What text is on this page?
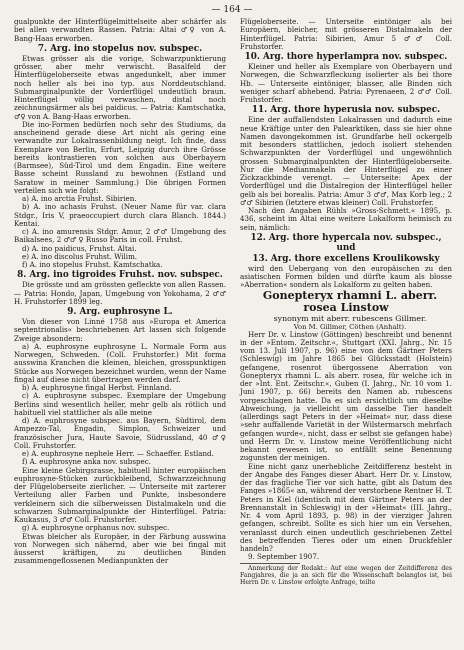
— 164 —

gualpunkte der Hinterflügelmittelseite aber schärfer als bei allen verwandten Rassen. Patria: Altai ♂♀ von A. Bang-Haas erworben.

7. Arg. ino stopelus nov. subspec.

Etwas grösser als die vorige, Schwarzpunktierung grösser, aber mehr verwischt. Basalfeld der Hinterflügeloberseite etwas angedunkelt, aber immer noch heller als bei ino typ. aus Norddeutschland. Submarginalpunkte der Vorderflügel undeutlich braun. Hinterflügel völlig verwaschen, distal noch zeichnungsärmer als bei paidicus. — Patria: Kamtschatka, ♂♀ von A. Bang-Haas erworben.

Die ino-Formen bedürfen noch sehr des Studiums, da anscheinend gerade diese Art nicht als gering eine verwandte zur Lokalrassenbildung neigt. Ich finde, dass Exemplare von Berlin, Erfurt, Leipzig durch ihre Grösse bereits kontrastieren von solchen aus Oberbayern (Barmsee), Süd-Tirol und dem Engadin. Eine weitere Basse scheint Russland zu bewohnen (Estland und Saratow in meiner Sammlung.) Die übrigen Formen verteilen sich wie folgt:

a) A. ino arctia Fruhst. Sibirien.

b) A. ino achasis Fruhst. (Neuer Name für var. clara Stdgr., Iris V, praeoccupiert durch clara Blanch. 1844.) Kentai.

c) A. ino amurensis Stdgr. Amur, 2 ♂♂ Umgebung des Baikalsees, 2 ♂♂ ♀ Russo Paris in coll. Fruhst.

d) A. ino paidicus, Fruhst. Altai.

e) A. ino discolus Fruhst. Wilim.

f) A. ino stopelus Fruhst. Kamtschatka.

8. Arg. ino tigroides Fruhst. nov. subspec.

Die grösste und am grössten gefleckte von allen Rassen. — Patria: Hondo, Japan, Umgebung von Yokohama, 2 ♂♂ H. Fruhstorfer 1899 leg.

9. Arg. euphrosyne L.

Von dieser von Linné 1758 aus »Europa et America septentrionalis« beschriebenen Art lassen sich folgende Zweige absondern:

a) A. euphrosyne euphrosyne L. Normale Form aus Norwegen, Schweden. (Coll. Fruhstorfer.) Mit forma ausswina Kranchen die kleinen, bleichen, grosspunktigen Stücke aus Norwegen bezeichnet wurden, wenn der Name fingal auf diese nicht übertragen werden darf.

b) A. euphrosyne fingal Herbst. Finnland.

c) A. euphrosyne subspec. Exemplare der Umgebung Berlins sind wesentlich heller, mehr gelb als rötlich und habituell viel stattlicher als alle meine

d) A. euphrosyne subspec. aus Bayern, Südtirol, dem Ampezzo-Tal, Engadin, Simplon, Schweizer und französischer Jura, Haute Savoie, Südrussland, 40 ♂♀ Coll. Fruhstorfer.

e) A. euphrosyne nephele Herr. — Schaeffer. Estland.

f) A. euphrosyne anka nov. subspec.

Eine kleine Gebirgsrasse, habituell hinter europäischen euphrosyne-Stücken zurückbleibend, Schwarzzeichnung der Flügeloberseite zierlicher. — Unterseite mit zarterer Verteilung aller Farben und Punkte, insbesondere verkleinern sich die silberweissen Distalmakeln und die schwarzen Submarginalpunkte der Hinterflügel. Patria: Kaukasus, 3 ♂♂ Coll. Fruhstorfer.

g) A. euphrosyne orphanus nov. subspec.

Etwas bleicher als Europäer, in der Färbung ausswina von Norwegen sich nähernd, aber wie bei fingal mit äusserst kräftigen, zu deutlichen Binden zusammengeflossenen Medianpunkten der

Flügeloberseite. — Unterseite eintöniger als bei Europäern, bleicher, mit grösseren Distalmakeln der Hinterflügel. Patria: Sibirien, Amur 5 ♂♂ Coll. Fruhstorfer.

10. Arg. thore hyperlampra nov. subspec.

Kleiner und heller als Exemplare von Oberbayern und Norwegen, die Schwarzfleckung isolierter als bei thore Hb. — Unterseite eintöniger, blasser, alle Binden sich weniger scharf abhebend. Patria: Pyrenaeen, 2 ♂♂ Coll. Fruhstorfer.

11. Arg. thore hyperusia nov. subspec.

Eine der auffallendsten Lokalrassen und dadurch eine neue Kräftige unter den Palearktiken, dass sie hier ohne Namen davongekommen ist. Grundfarbe hell ockergelb mit besonders stattlichen, jedoch isoliert stehenden Schwarzpunkten der Vorderflügel und ungewöhnlich grossen Submarginalpunkten der Hinterflügeloberseite. Nur die Medianmakeln der Hinterflügel zu einer Zickzackbinde verengt. — Unterseite: Apex der Vorderflügel und die Distalregion der Hinterflügel heller gelb als bei borealis. Patria: Amur 3 ♂♂, Max Korb leg.; 2 ♂♂ Sibirien (letztere etwas kleiner) Coll. Fruhstorfer.

Nach den Angaben Rühls »Gross-Schmett.« 1895, p. 436, scheint im Altai eine weitere Lokalform heimisch zu sein, nämlich:

12. Arg. thore hypercala nov. subspec., und

13. Arg. thore excellens Kroulikowsky

wird den Uebergang von den europäischen zu den asiatischen Formen bilden und dürfte kaum als blosse »Aberration« sondern als Lokalform zu gelten haben.

Gonepteryx rhamni L. aberr. rosea Linstow

synonym mit aberr. rubescens Gillmer.

Von M. Gillmer, Cöthen (Anhalt).

Herr Dr. v. Linstow (Göttingen) beschreibt und benennt in der »Entom. Zeitschr.«, Stuttgart (XXI. Jahrg., Nr. 15 vom 13. Juli 1907, p. 96) eine von dem Gärtner Peters (Schleswig) im Jahre 1865 bei Glücksstadt (Holstein) gefangene, rosenrot übergossene Aberration von Gonepteryx rhamni L. als aberr. rosea, für welche ich in der »Int. Ent. Zeitschr.«, Guben (I. Jahrg., Nr. 10 vom 1. Juni 1907, p. 66) bereits den Namen ab. rubescens vorgeschlagen hatte. Da es sich ersichtlich um dieselbe Abweichung, ja vielleicht um dasselbe Tier handelt (allerdings sagt Peters in der »Heimat« nur, dass diese »sehr auffallende Varietät in der Wilstermarsch mehrfach gefangen wurde«, nicht, dass er selbst sie gefangen habe) und Herrn Dr. v. Linstow meine Veröffentlichung nicht bekannt gewesen ist, so entfällt seine Benennung zugunsten der meinigen.

Eine nicht ganz unerhebliche Zeitdifferenz besteht in der Angabe des Fanges dieser Abart. Herr Dr. v. Linstow, der das fragliche Tier vor sich hatte, gibt als Datum des Fanges »1865« an, während der verstorbene Rentner H. T. Peters in Kiel (identisch mit dem Gärtner Peters an der Brennanstalt in Schleswig) in der »Heimat« (III. Jahrg., Nr. 4 vom April 1893, p. 98) in der vierziger Jahren gefangen, schreibt. Sollte es sich hier um ein Versehen, veranlasst durch einen undeutlich geschriebenen Zettel des betreffenden Tieres oder um einen Druckfehler handeln?

9. September 1907.

Anmerkung der Redakt.: Auf eine wegen der Zeitdifferenz des Fangjahres, die ja an sich für die Wissenschaft belanglos ist, bei Herrn Dr. v. Linstow erfolgte Anfrage, teilte
